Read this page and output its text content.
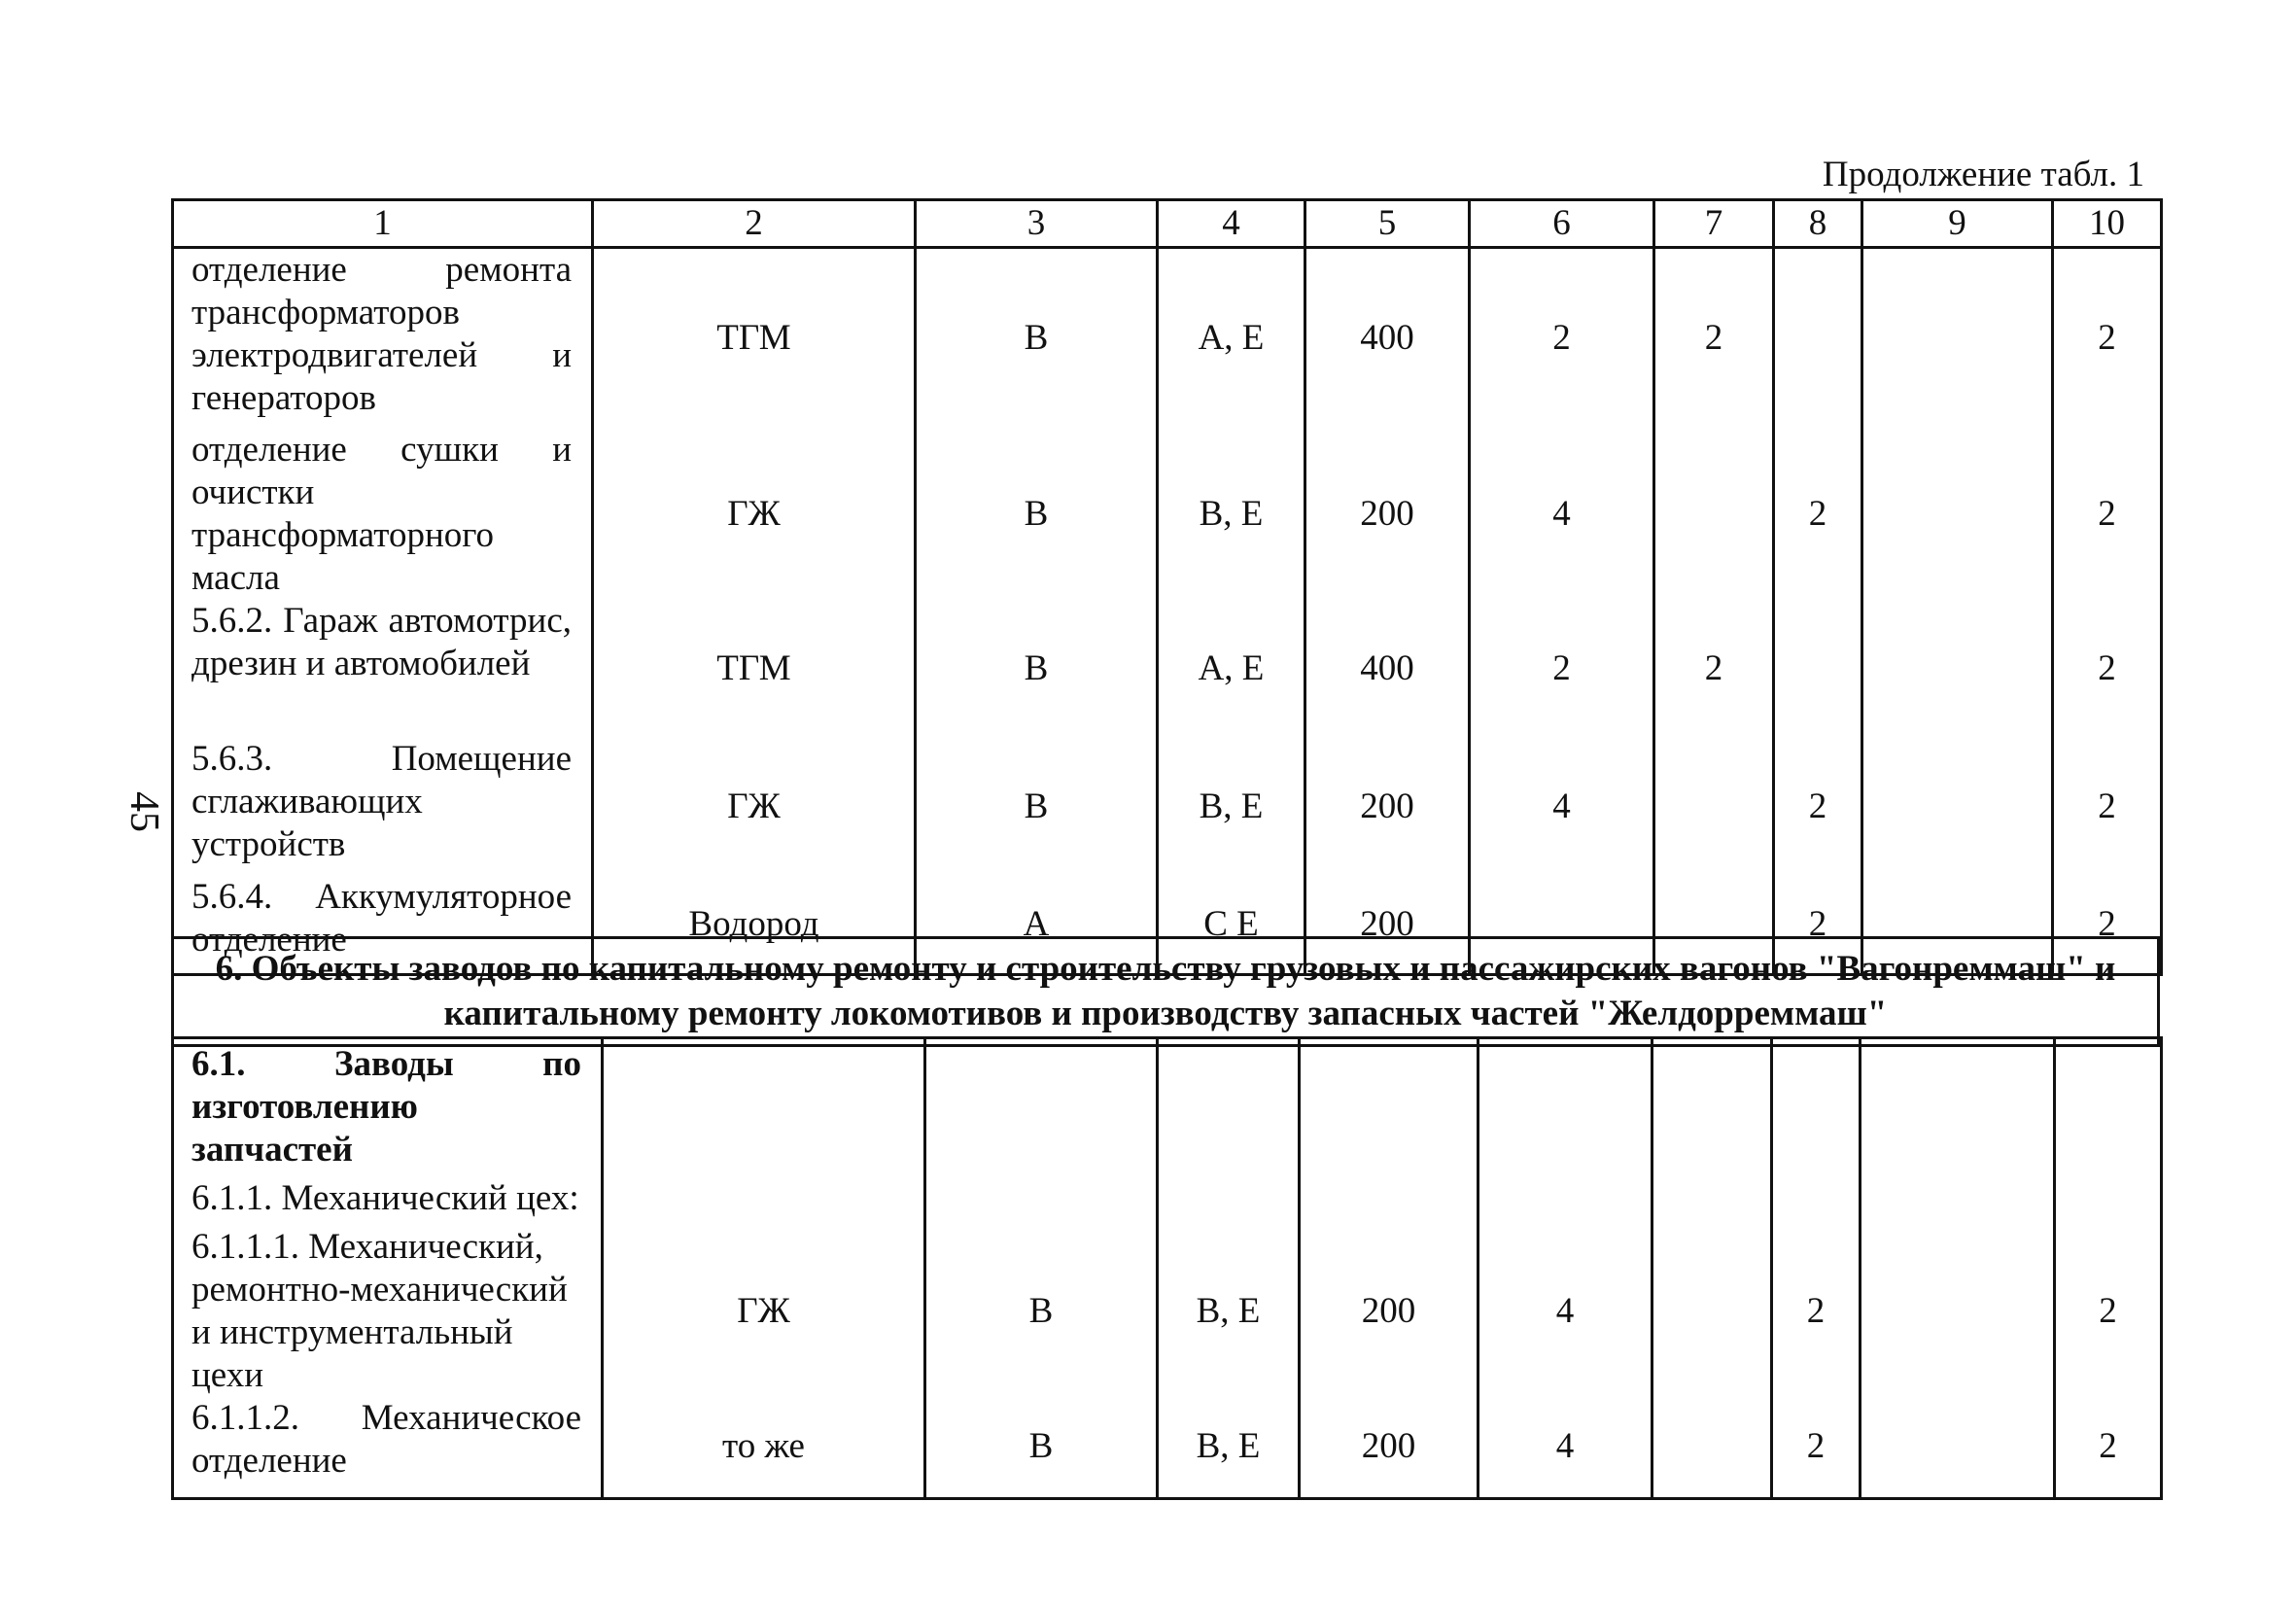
Продолжение табл. 1
45
1	2	3	4	5	6	7	8	9	10
отделение ремонта трансформаторов электродвигателей и генераторов	ТГМ	В	А, Е	400	2	2			2
отделение сушки и очистки трансформаторного масла	ГЖ	В	В, Е	200	4		2		2
5.6.2. Гараж автомотрис, дрезин и автомобилей	ТГМ	В	А, Е	400	2	2			2
5.6.3. Помещение сглаживающих устройств	ГЖ	В	В, Е	200	4		2		2
5.6.4. Аккумуляторное отделение	Водород	А	С Е	200			2		2
6. Объекты заводов по капитальному ремонту и строительству грузовых и пассажирских вагонов "Вагонреммаш" и капитальному ремонту локомотивов и производству запасных частей "Желдорреммаш"
6.1. Заводы по изготовлению запчастей									
6.1.1. Механический цех:									
6.1.1.1. Механический, ремонтно-механический и инструментальный цехи	ГЖ	В	В, Е	200	4		2		2
6.1.1.2. Механическое отделение	то же	В	В, Е	200	4		2		2
